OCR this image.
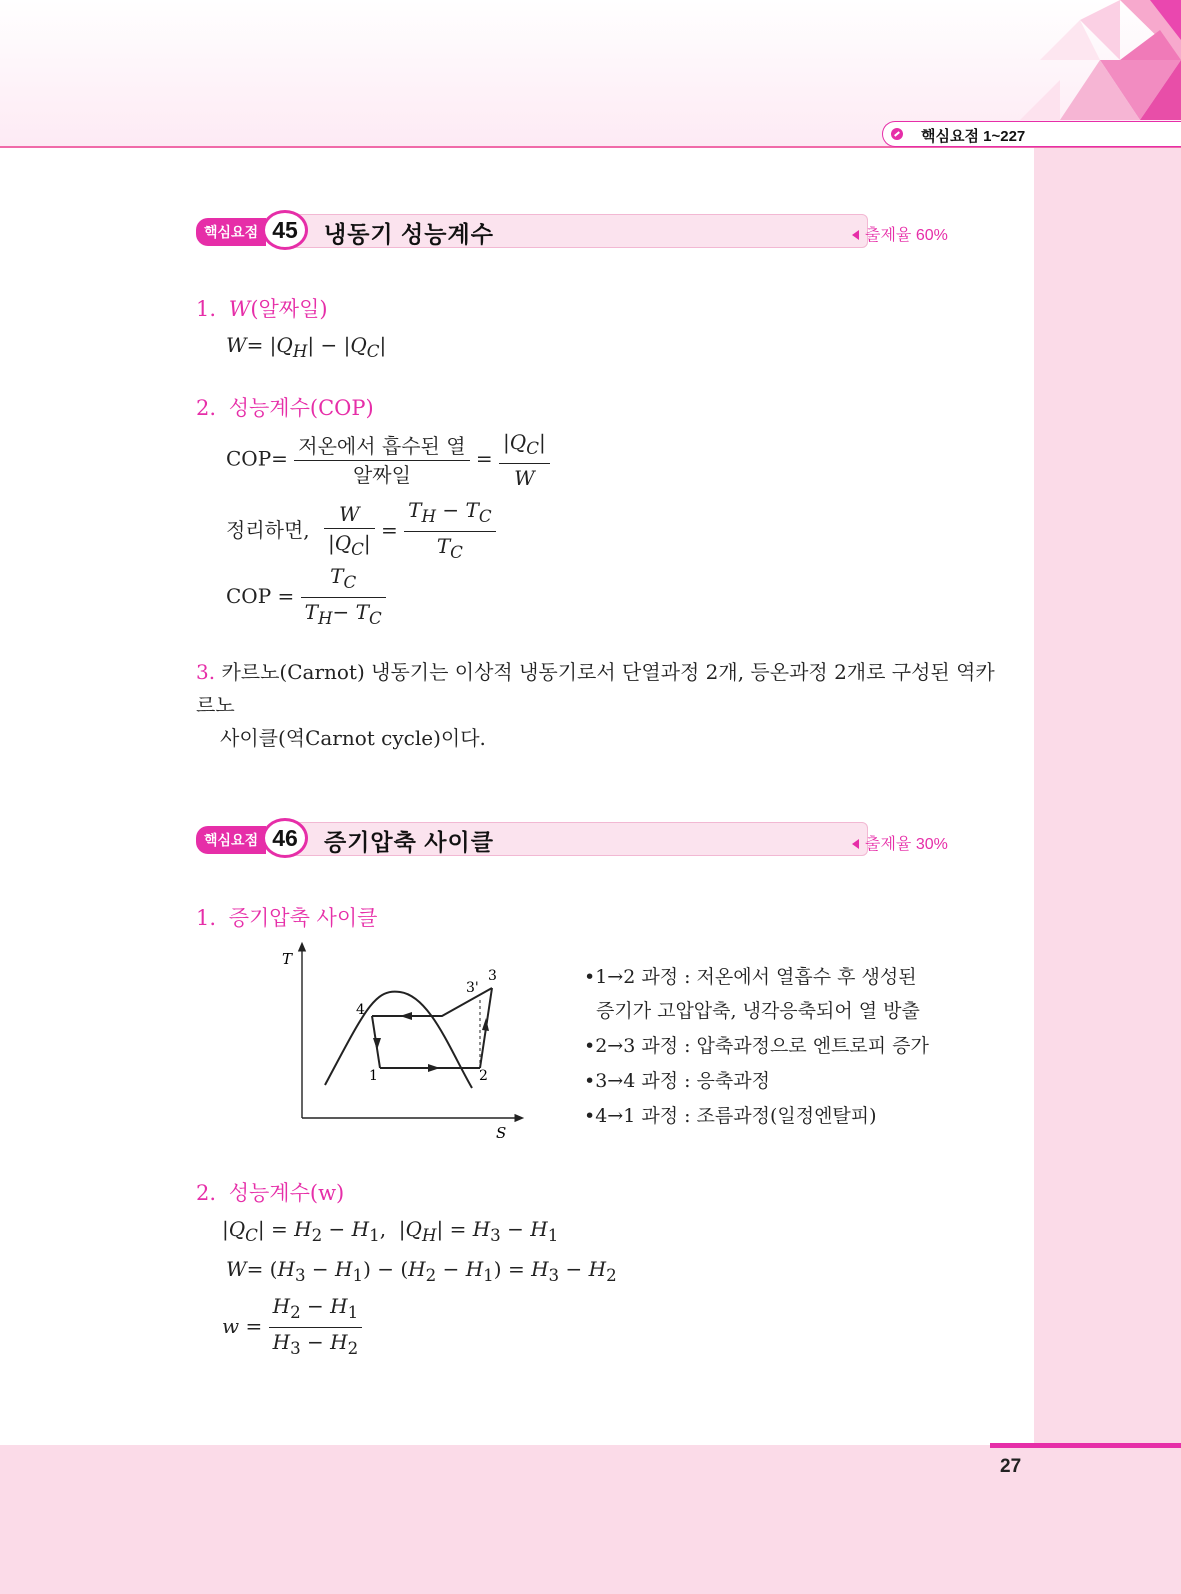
27
핵심요점 1~227
핵심요점 45	냉동기 성능계수	출제율 60%
1. W(알짜일)
$W= |Q_H| - |Q_C|$
2. 성능계수(COP)
$COP= \frac{\text{저온에서 흡수된 열}}{\text{알짜일}} = \frac{|Q_C|}{W}$
정리하면, $\frac{W}{|Q_C|} = \frac{T_H - T_C}{T_C}$
COP = $\frac{T_C}{T_H- T_C}$
3. 카르노(Carnot) 냉동기는 이상적 냉동기로서 단열과정 2개, 등온과정 2개로 구성된 역카르노
사이클(역Carnot cycle)이다.
핵심요점 46	증기압축 사이클	출제율 30%
1. 증기압축 사이클
T
S
1	2
3
3'
4
•1→2 과정 : 저온에서 열흡수 후 생성된
증기가 고압압축, 냉각응축되어 열 방출
•2→3 과정 : 압축과정으로 엔트로피 증가
•3→4 과정 : 응축과정
•4→1 과정 : 조름과정(일정엔탈피)
2. 성능계수(w)
$|Q_C| = H_2 - H_1$,  $|Q_H| = H_3 - H_1$
$W= (H_3 - H_1) - (H_2 - H_1) = H_3 - H_2$
$w = \frac{H_2 - H_1}{H_3 - H_2}$
